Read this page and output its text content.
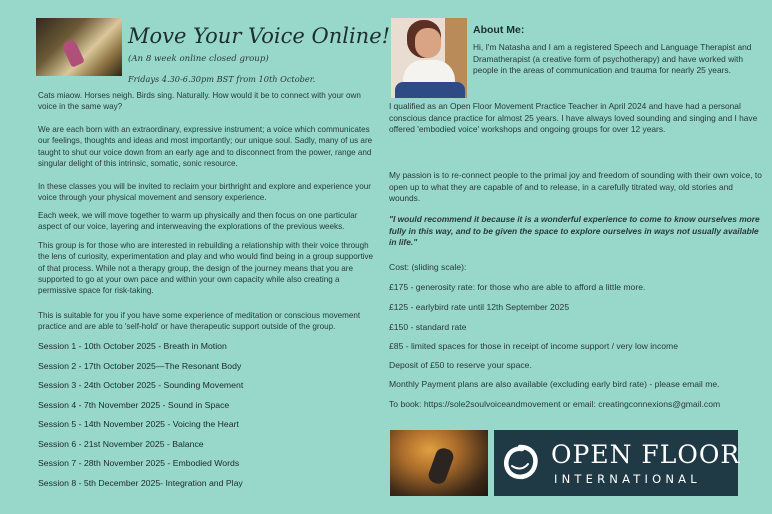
Move Your Voice Online!
(An 8 week online closed group)
Fridays 4.30-6.30pm BST from 10th October.

Cats miaow. Horses neigh. Birds sing. Naturally. How would it be to connect with your own voice in the same way?

We are each born with an extraordinary, expressive instrument; a voice which communicates our feelings, thoughts and ideas and most importantly; our unique soul. Sadly, many of us are taught to shut our voice down from an early age and to disconnect from the power, range and singular delight of this intrinsic, somatic, sonic resource.

In these classes you will be invited to reclaim your birthright and explore and experience your voice through your physical movement and sensory experience.

Each week, we will move together to warm up physically and then focus on one particular aspect of our voice, layering and interweaving the explorations of the previous weeks.

This group is for those who are interested in rebuilding a relationship with their voice through the lens of curiosity, experimentation and play and who would find being in a group supportive of that process. While not a therapy group, the design of the journey means that you are supported to go at your own pace and within your own capacity while also creating a permissive space for risk-taking.

This is suitable for you if you have some experience of meditation or conscious movement practice and are able to 'self-hold' or have therapeutic support outside of the group.

Session 1 - 10th October 2025 - Breath in Motion
Session 2 - 17th October 2025—The Resonant Body
Session 3 - 24th October 2025 - Sounding Movement
Session 4 - 7th November 2025 - Sound in Space
Session 5 - 14th November 2025 - Voicing the Heart
Session 6 - 21st November 2025 - Balance
Session 7 - 28th November 2025 - Embodied Words
Session 8 - 5th December 2025- Integration and Play
About Me:

Hi, I'm Natasha and I am a registered Speech and Language Therapist and Dramatherapist (a creative form of psychotherapy) and have worked with people in the areas of communication and trauma for nearly 25 years.

I qualified as an Open Floor Movement Practice Teacher in April 2024 and have had a personal conscious dance practice for almost 25 years. I have always loved sounding and singing and I have offered 'embodied voice' workshops and ongoing groups for over 12 years.

My passion is to re-connect people to the primal joy and freedom of sounding with their own voice, to open up to what they are capable of and to release, in a carefully titrated way, old stories and wounds.

"I would recommend it because it is a wonderful experience to come to know ourselves more fully in this way, and to be given the space to explore ourselves in ways not usually available in life."

Cost: (sliding scale):
£175 - generosity rate: for those who are able to afford a little more.
£125 - earlybird rate until 12th September 2025
£150 - standard rate
£85 - limited spaces for those in receipt of income support / very low income
Deposit of £50 to reserve your space.
Monthly Payment plans are also available (excluding early bird rate) - please email me.
To book: https://sole2soulvoiceandmovement or email: creatingconnexions@gmail.com
OPEN FLOOR
INTERNATIONAL
